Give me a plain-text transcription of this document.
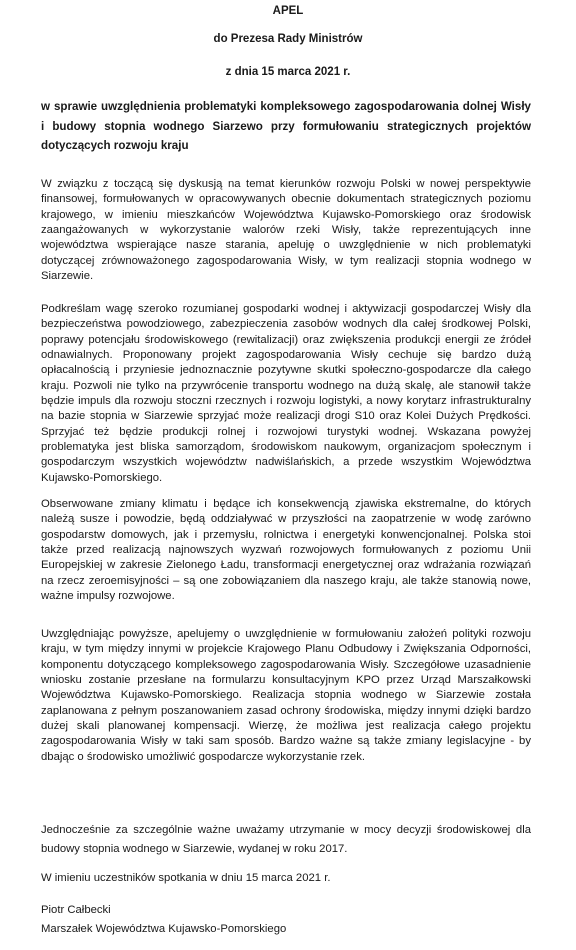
APEL
do Prezesa Rady Ministrów
z dnia 15 marca 2021 r.
w sprawie uwzględnienia problematyki kompleksowego zagospodarowania dolnej Wisły i budowy stopnia wodnego Siarzewo przy formułowaniu strategicznych projektów dotyczących rozwoju kraju

W związku z toczącą się dyskusją na temat kierunków rozwoju Polski w nowej perspektywie finansowej, formułowanych w opracowywanych obecnie dokumentach strategicznych poziomu krajowego, w imieniu mieszkańców Województwa Kujawsko-Pomorskiego oraz środowisk zaangażowanych w wykorzystanie walorów rzeki Wisły, także reprezentujących inne województwa wspierające nasze starania, apeluję o uwzględnienie w nich problematyki dotyczącej zrównoważonego zagospodarowania Wisły, w tym realizacji stopnia wodnego w Siarzewie.

Podkreślam wagę szeroko rozumianej gospodarki wodnej i aktywizacji gospodarczej Wisły dla bezpieczeństwa powodziowego, zabezpieczenia zasobów wodnych dla całej środkowej Polski, poprawy potencjału środowiskowego (rewitalizacji) oraz zwiększenia produkcji energii ze źródeł odnawialnych. Proponowany projekt zagospodarowania Wisły cechuje się bardzo dużą opłacalnością i przyniesie jednoznacznie pozytywne skutki społeczno-gospodarcze dla całego kraju. Pozwoli nie tylko na przywrócenie transportu wodnego na dużą skalę, ale stanowił także będzie impuls dla rozwoju stoczni rzecznych i rozwoju logistyki, a nowy korytarz infrastrukturalny na bazie stopnia w Siarzewie sprzyjać może realizacji drogi S10 oraz Kolei Dużych Prędkości. Sprzyjać też będzie produkcji rolnej i rozwojowi turystyki wodnej. Wskazana powyżej problematyka jest bliska samorządom, środowiskom naukowym, organizacjom społecznym i gospodarczym wszystkich województw nadwiślańskich, a przede wszystkim Województwa Kujawsko-Pomorskiego.

Obserwowane zmiany klimatu i będące ich konsekwencją zjawiska ekstremalne, do których należą susze i powodzie, będą oddziaływać w przyszłości na zaopatrzenie w wodę zarówno gospodarstw domowych, jak i przemysłu, rolnictwa i energetyki konwencjonalnej. Polska stoi także przed realizacją najnowszych wyzwań rozwojowych formułowanych z poziomu Unii Europejskiej w zakresie Zielonego Ładu, transformacji energetycznej oraz wdrażania rozwiązań na rzecz zeroemisyjności – są one zobowiązaniem dla naszego kraju, ale także stanowią nowe, ważne impulsy rozwojowe.

Uwzględniając powyższe, apelujemy o uwzględnienie w formułowaniu założeń polityki rozwoju kraju, w tym między innymi w projekcie Krajowego Planu Odbudowy i Zwiększania Odporności, komponentu dotyczącego kompleksowego zagospodarowania Wisły. Szczegółowe uzasadnienie wniosku zostanie przesłane na formularzu konsultacyjnym KPO przez Urząd Marszałkowski Województwa Kujawsko-Pomorskiego. Realizacja stopnia wodnego w Siarzewie została zaplanowana z pełnym poszanowaniem zasad ochrony środowiska, między innymi dzięki bardzo dużej skali planowanej kompensacji. Wierzę, że możliwa jest realizacja całego projektu zagospodarowania Wisły w taki sam sposób. Bardzo ważne są także zmiany legislacyjne - by dbając o środowisko umożliwić gospodarcze wykorzystanie rzek.

Jednocześnie za szczególnie ważne uważamy utrzymanie w mocy decyzji środowiskowej dla budowy stopnia wodnego w Siarzewie, wydanej w roku 2017.

W imieniu uczestników spotkania w dniu 15 marca 2021 r.

Piotr Całbecki

Marszałek Województwa Kujawsko-Pomorskiego
